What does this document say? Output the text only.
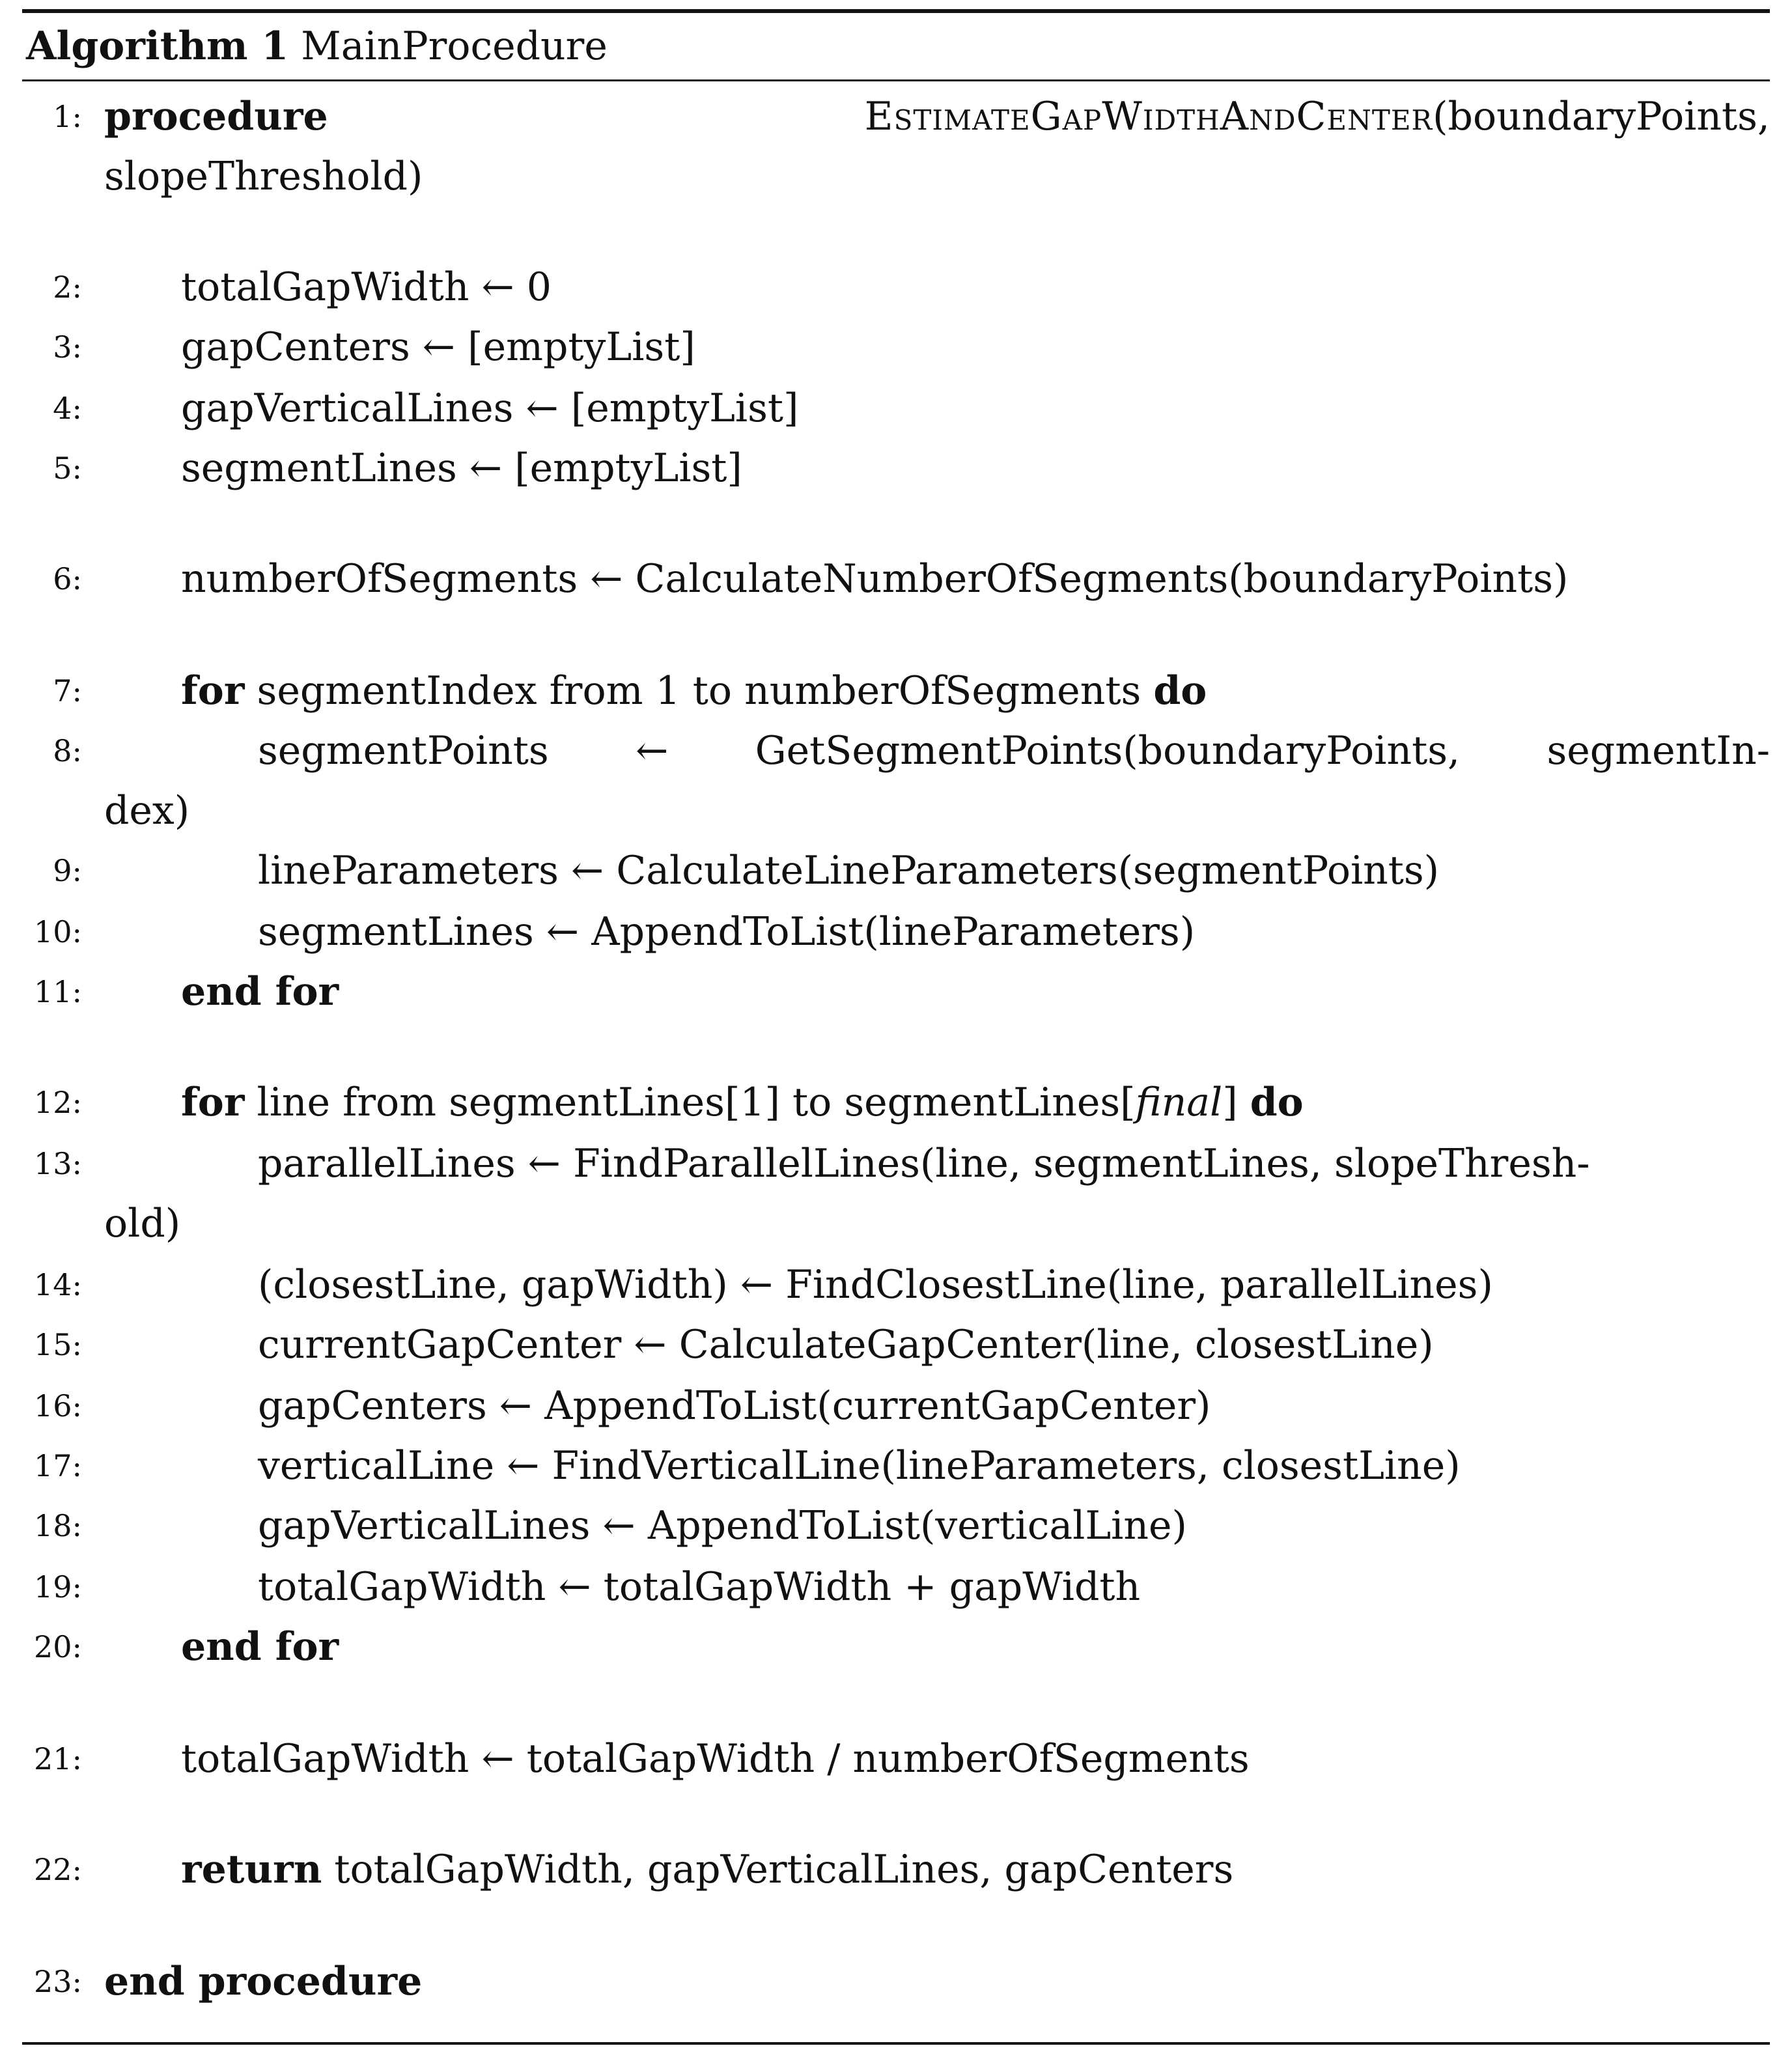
Algorithm 1 MainProcedure
1: procedure	EstimateGapWidthAndCenter(boundaryPoints,
slopeThreshold)
2:	totalGapWidth ← 0
3:	gapCenters ← [emptyList]
4:	gapVerticalLines ← [emptyList]
5:	segmentLines ← [emptyList]
6:	numberOfSegments ← CalculateNumberOfSegments(boundaryPoints)
7:	for segmentIndex from 1 to numberOfSegments do
8:	segmentPoints ← GetSegmentPoints(boundaryPoints, segmentIn-
dex)
9:	lineParameters ← CalculateLineParameters(segmentPoints)
10:	segmentLines ← AppendToList(lineParameters)
11:	end for
12:	for line from segmentLines[1] to segmentLines[final] do
13:	parallelLines ← FindParallelLines(line, segmentLines, slopeThresh-
old)
14:	(closestLine, gapWidth) ← FindClosestLine(line, parallelLines)
15:	currentGapCenter ← CalculateGapCenter(line, closestLine)
16:	gapCenters ← AppendToList(currentGapCenter)
17:	verticalLine ← FindVerticalLine(lineParameters, closestLine)
18:	gapVerticalLines ← AppendToList(verticalLine)
19:	totalGapWidth ← totalGapWidth + gapWidth
20:	end for
21:	totalGapWidth ← totalGapWidth / numberOfSegments
22:	return totalGapWidth, gapVerticalLines, gapCenters
23: end procedure
